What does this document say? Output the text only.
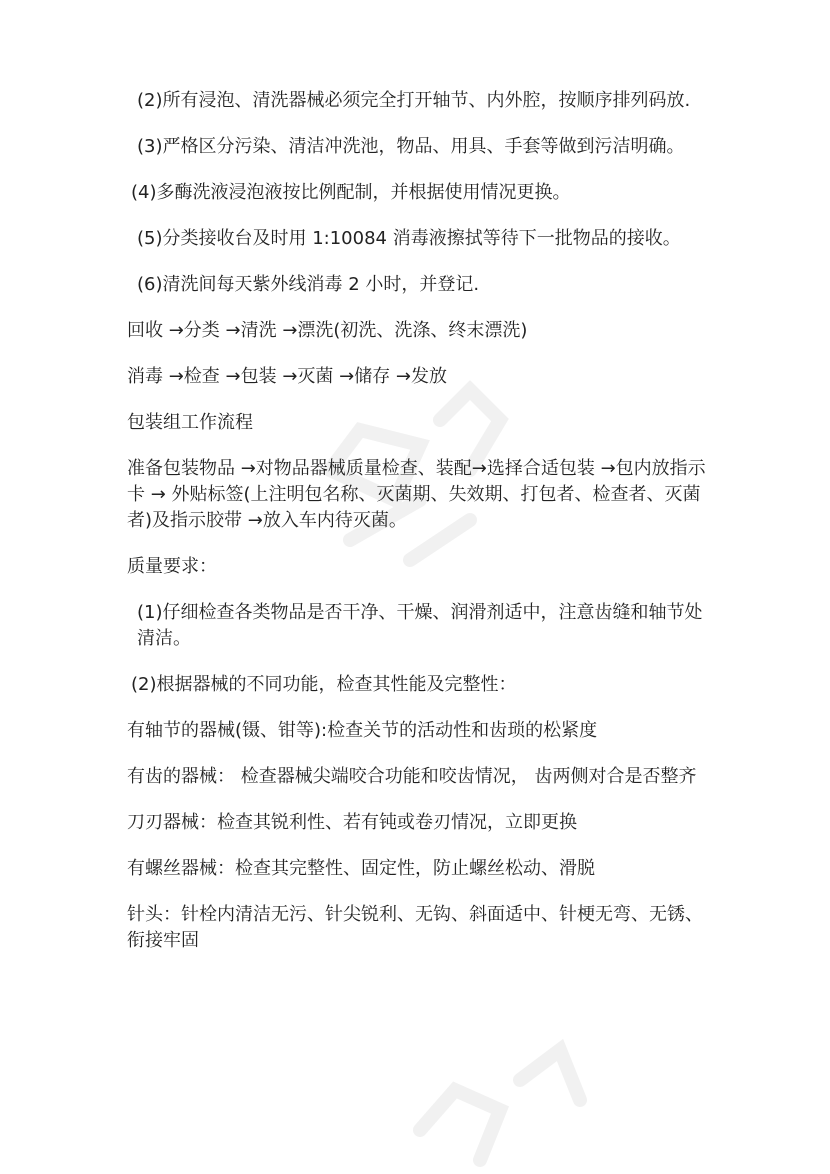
(2)所有浸泡、清洗器械必须完全打开轴节、内外腔，按顺序排列码放.

(3)严格区分污染、清洁冲洗池，物品、用具、手套等做到污洁明确。

(4)多酶洗液浸泡液按比例配制，并根据使用情况更换。

(5)分类接收台及时用 1:10084 消毒液擦拭等待下一批物品的接收。

(6)清洗间每天紫外线消毒 2 小时，并登记.

回收 →分类 →清洗 →漂洗(初洗、洗涤、终末漂洗)

消毒 →检查 →包装 →灭菌 →储存 →发放

包装组工作流程

准备包装物品 →对物品器械质量检查、装配→选择合适包装 →包内放指示卡 → 外贴标签(上注明包名称、灭菌期、失效期、打包者、检查者、灭菌者)及指示胶带 →放入车内待灭菌。

质量要求：

(1)仔细检查各类物品是否干净、干燥、润滑剂适中，注意齿缝和轴节处清洁。

(2)根据器械的不同功能，检查其性能及完整性：

有轴节的器械(镊、钳等):检查关节的活动性和齿琐的松紧度

有齿的器械： 检查器械尖端咬合功能和咬齿情况， 齿两侧对合是否整齐

刀刃器械：检查其锐利性、若有钝或卷刃情况，立即更换

有螺丝器械：检查其完整性、固定性，防止螺丝松动、滑脱

针头：针栓内清洁无污、针尖锐利、无钩、斜面适中、针梗无弯、无锈、衔接牢固
